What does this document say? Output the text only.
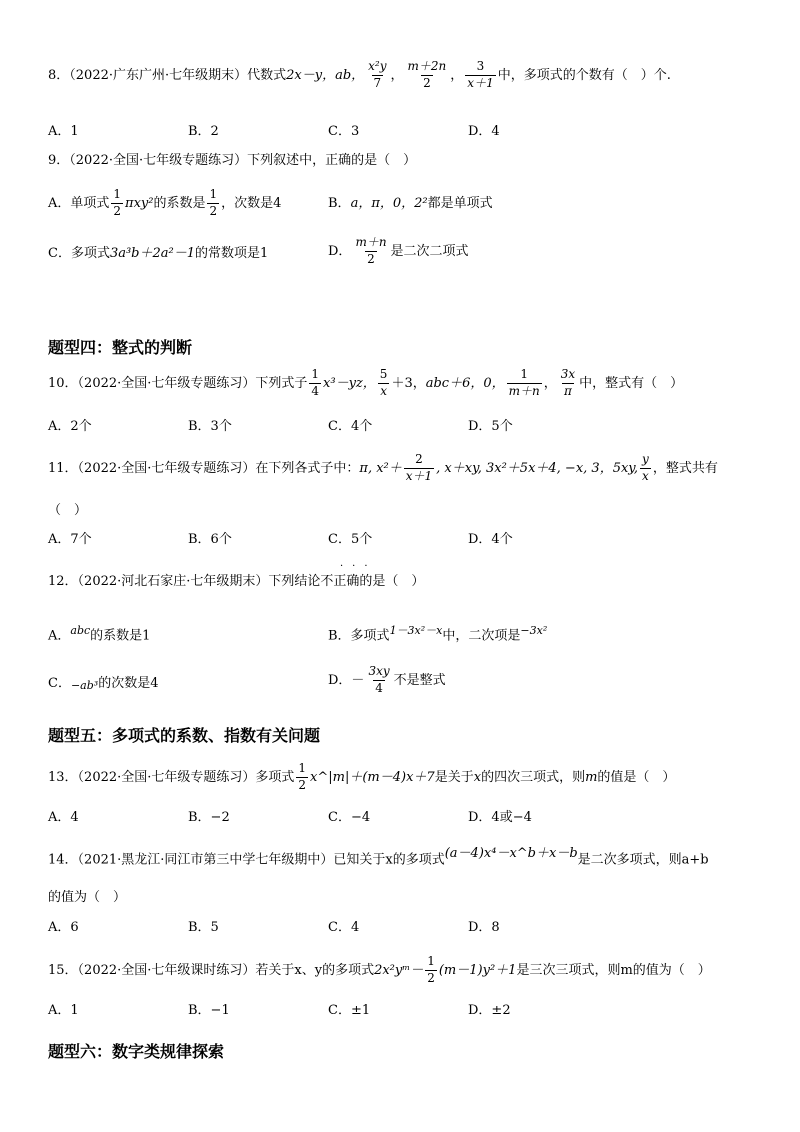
8．（2022·广东广州·七年级期末）代数式2x－y，ab， $\frac{\text{x²y}}{7}$ ， $\frac{m+2n}{2}$ ， $\frac{3}{x+1}$ 中，多项式的个数有（　）个.
A．1	B．2	C．3	D．4
9．（2022·全国·七年级专题练习）下列叙述中，正确的是（　）
A．单项式 $\frac{1}{2} \pi xy^2$的系数是 $\frac{1}{2}$ ，次数是4	B．a，π，0，2²都是单项式
C．多项式3a³b＋2a²－1的常数项是1	D． $\frac{m+n}{2}$ 是二次二项式
题型四：整式的判断
10．（2022·全国·七年级专题练习）下列式子 $\frac{1}{4} x^3-yz$， $\frac{5}{x} +3$，abc＋6，0， $\frac{1}{m+n}$ ， $\frac{3x}{\pi}$ 中，整式有（　）
A．2个	B．3个	C．4个	D．5个
11．（2022·全国·七年级专题练习）在下列各式子中：π, $x^2+ \frac{2}{x+1}$ , x＋xy, 3x²＋5x＋4, −x, 3，5xy, $\frac{y}{x}$ ，整式共有
（　）
A．7个	B．6个	C．5个	D．4个
···
12．（2022·河北石家庄·七年级期末）下列结论不正确的是（　）
A．$^{abc}$的系数是1	B．多项式$^{1-3x^2-x}$中，二次项是$^{-3x^2}$
C．−ab³的次数是4	D．－ $\frac{3xy}{4}$ 不是整式
题型五：多项式的系数、指数有关问题
13．（2022·全国·七年级专题练习）多项式 $\frac{1}{2}$ x^|m|＋(m－4)x＋7是关于x的四次三项式，则m的值是（　）
A．4	B．−2	C．−4	D．4或−4
14．（2021·黑龙江·同江市第三中学七年级期中）已知关于x的多项式(a－4)x⁴－x^b＋x－b是二次多项式，则a+b
的值为（　）
A．6	B．5	C．4	D．8
15．（2022·全国·七年级课时练习）若关于x、y的多项式2x²yᵐ－ $\frac{1}{2} (m-1)y^2+1$是三次三项式，则m的值为（　）
A．1	B．−1	C．±1	D．±2
题型六：数字类规律探索
